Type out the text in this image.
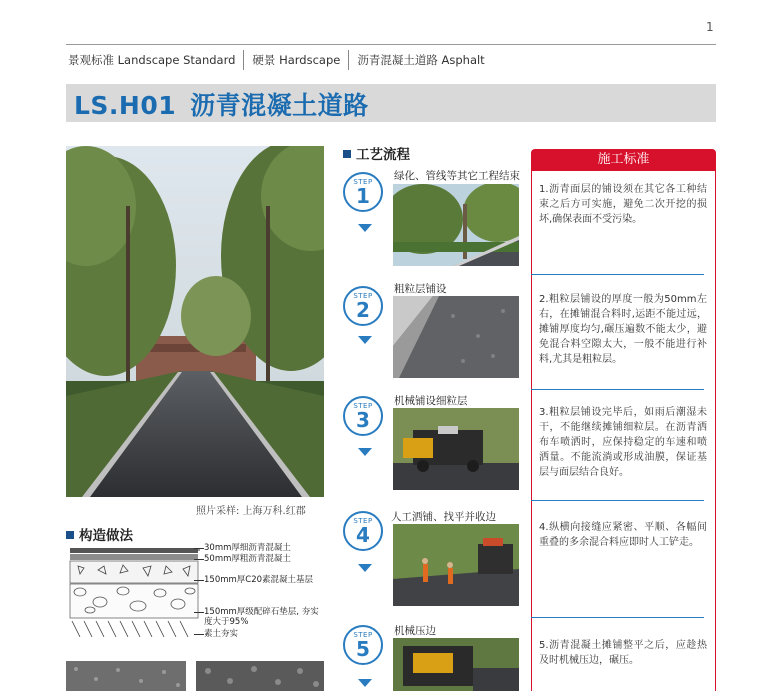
1
景观标准 Landscape Standard	硬景 Hardscape	沥青混凝土道路 Asphalt
LS.H01 沥青混凝土道路
照片采样: 上海万科.红郡
构造做法
30mm厚细沥青混凝土
50mm厚粗沥青混凝土
150mm厚C20素混凝土基层
150mm厚级配碎石垫层, 夯实度大于95%
素土夯实
工艺流程
STEP
1
绿化、管线等其它工程结束
STEP
2
粗粒层铺设
STEP
3
机械铺设细粒层
STEP
4
人工洒铺、找平并收边
STEP
5
机械压边
施工标准
1.沥青面层的铺设须在其它各工种结束之后方可实施，避免二次开挖的损坏,确保表面不受污染。
2.粗粒层铺设的厚度一般为50mm左右，在摊铺混合料时,运距不能过远，摊铺厚度均匀,碾压遍数不能太少，避免混合料空隙太大，一般不能进行补料,尤其是粗粒层。
3.粗粒层铺设完毕后，如雨后潮湿未干，不能继续摊铺细粒层。在沥青洒布车喷洒时，应保持稳定的车速和喷洒量。不能流淌或形成油膜，保证基层与面层结合良好。
4.纵横向接缝应紧密、平顺、各幅间重叠的多余混合料应即时人工铲走。
5.沥青混凝土摊铺整平之后，应趁热及时机械压边，碾压。
